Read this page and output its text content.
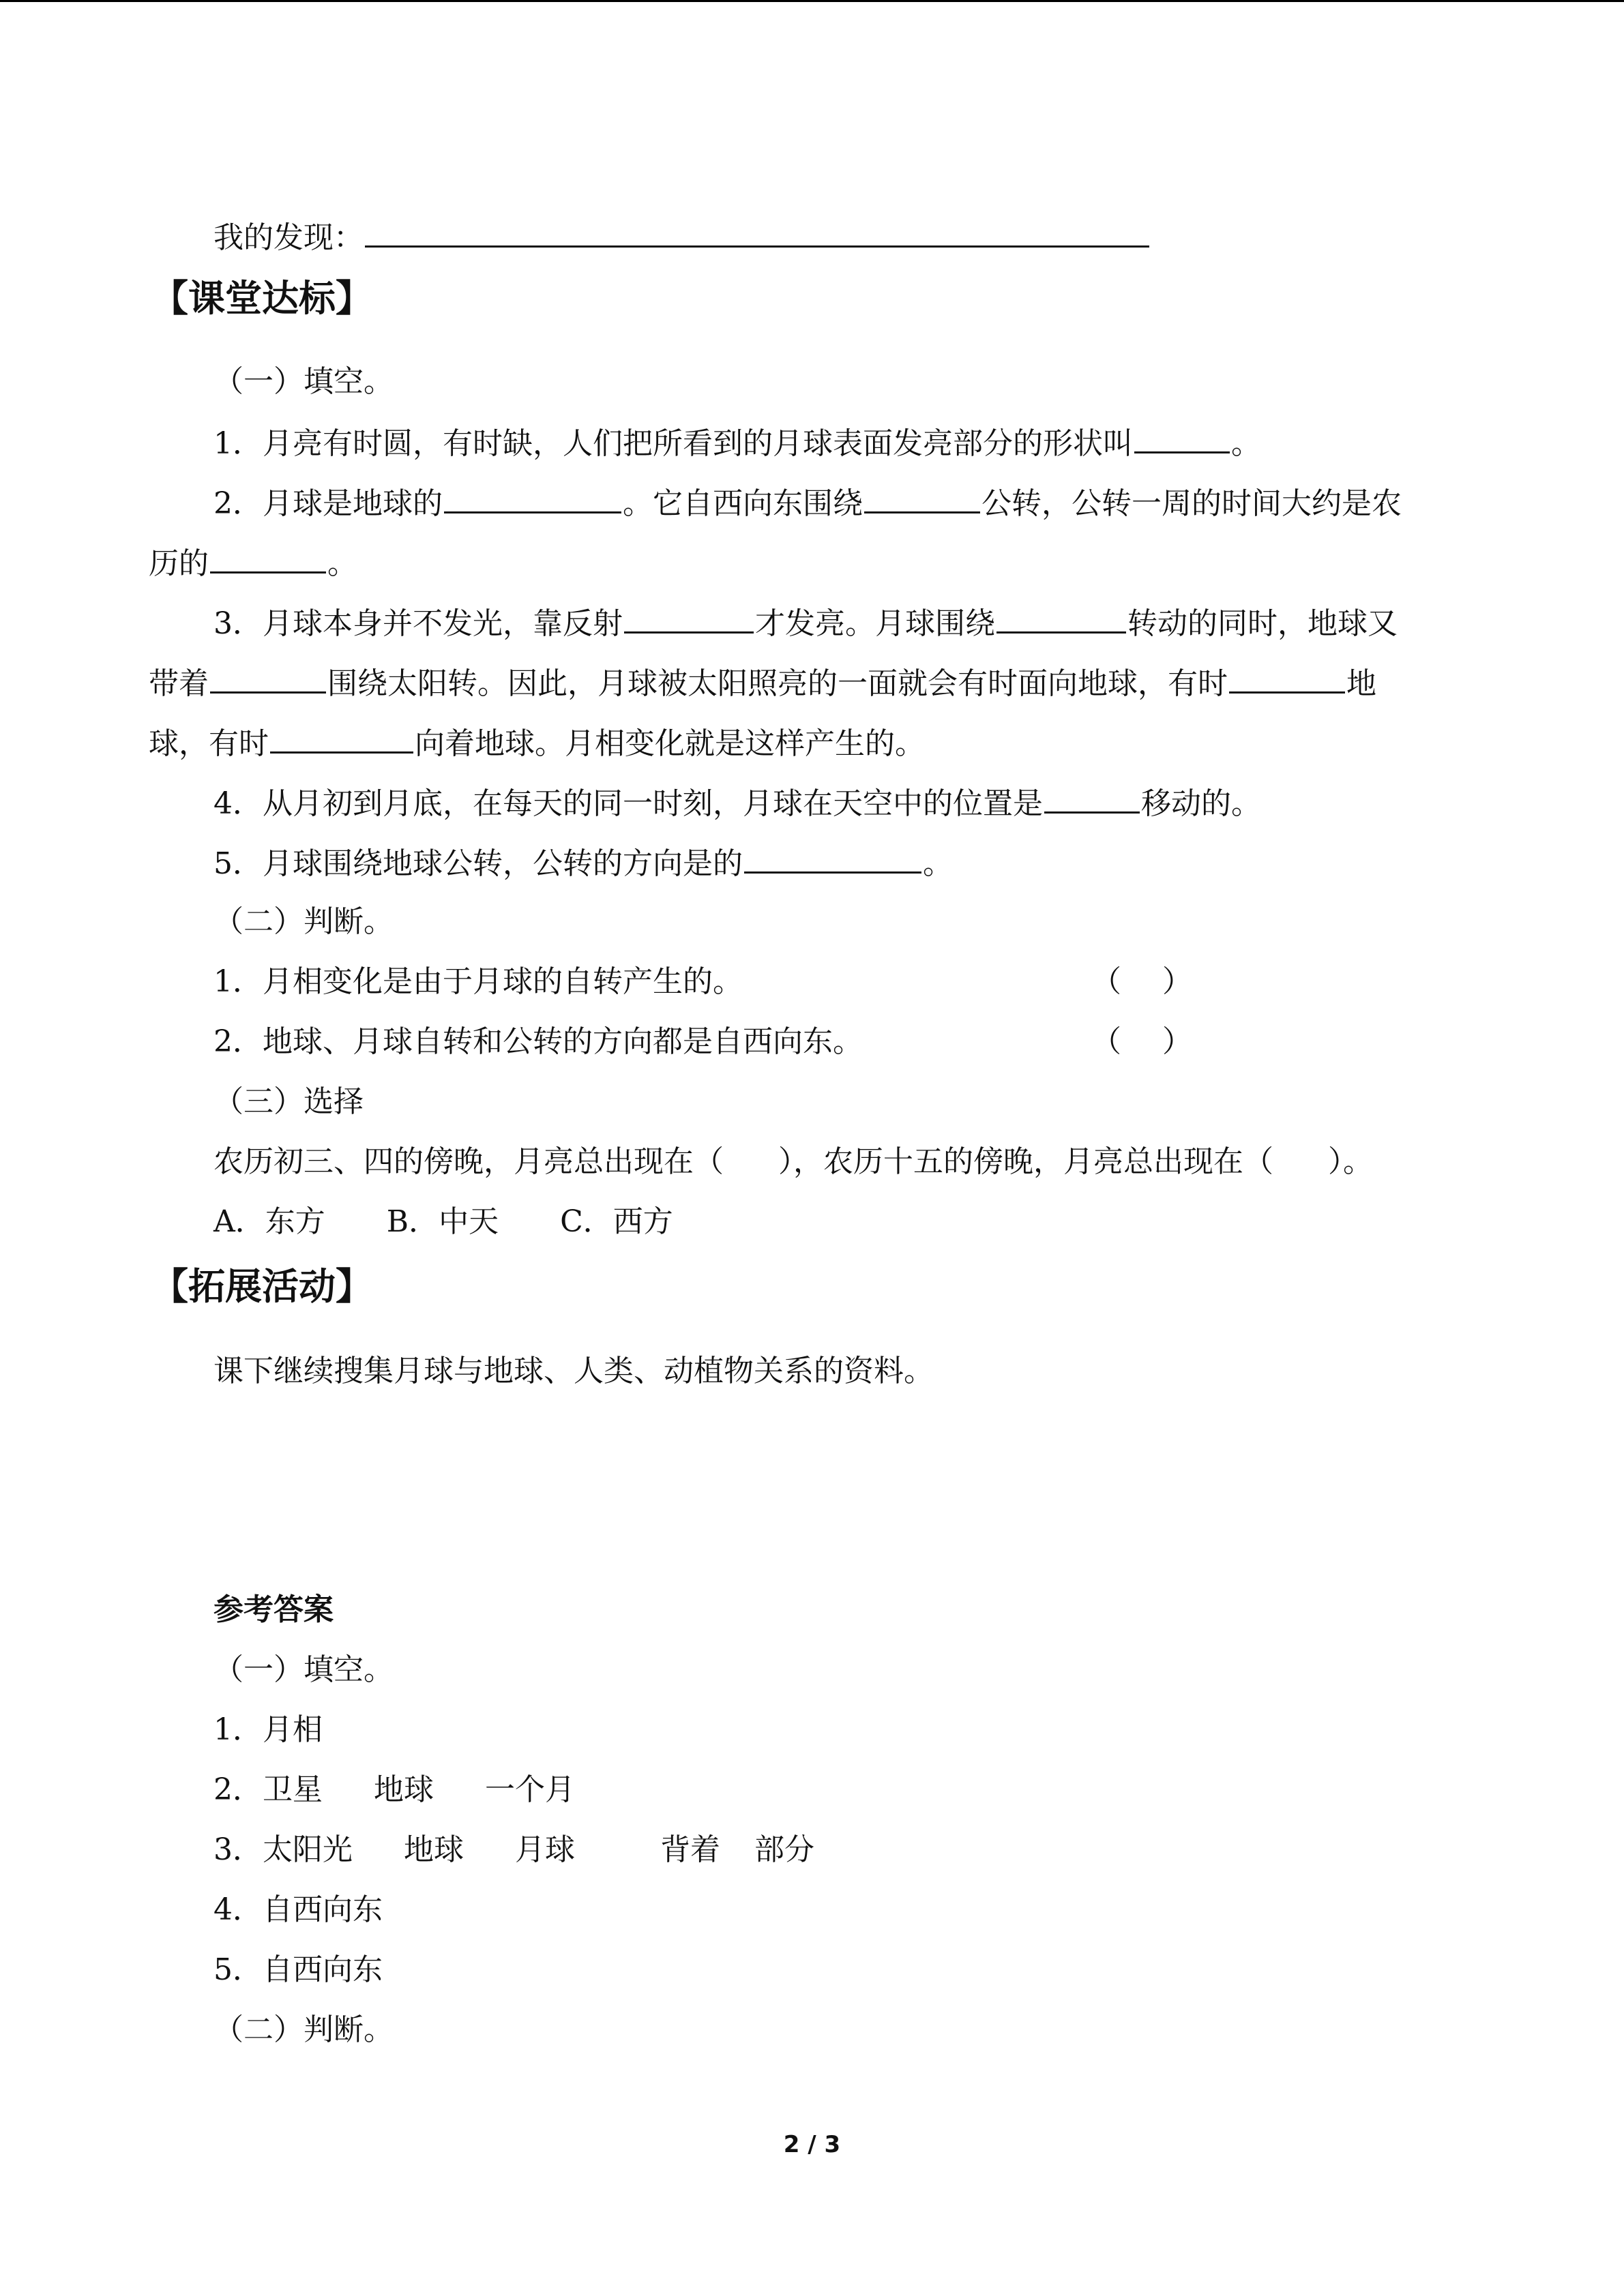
我的发现：
【课堂达标】
（一）填空。
1．月亮有时圆，有时缺，人们把所看到的月球表面发亮部分的形状叫	。
2．月球是地球的	。它自西向东围绕	公转，公转一周的时间大约是农
历的	。
3．月球本身并不发光，靠反射	才发亮。月球围绕	转动的同时，地球又
带着	围绕太阳转。因此，月球被太阳照亮的一面就会有时面向地球，有时	地
球，有时	向着地球。月相变化就是这样产生的。
4．从月初到月底，在每天的同一时刻，月球在天空中的位置是	移动的。
5．月球围绕地球公转，公转的方向是的	。
（二）判断。
1．月相变化是由于月球的自转产生的。	（ ）
2．地球、月球自转和公转的方向都是自西向东。	（ ）
（三）选择
农历初三、四的傍晚，月亮总出现在（ ），农历十五的傍晚，月亮总出现在（ ）。
A．东方 B．中天 C．西方
【拓展活动】
课下继续搜集月球与地球、人类、动植物关系的资料。
参考答案
（一）填空。
1．月相
2．卫星 地球 一个月
3．太阳光 地球 月球	背着 部分
4．自西向东
5．自西向东
（二）判断。
2 / 3
